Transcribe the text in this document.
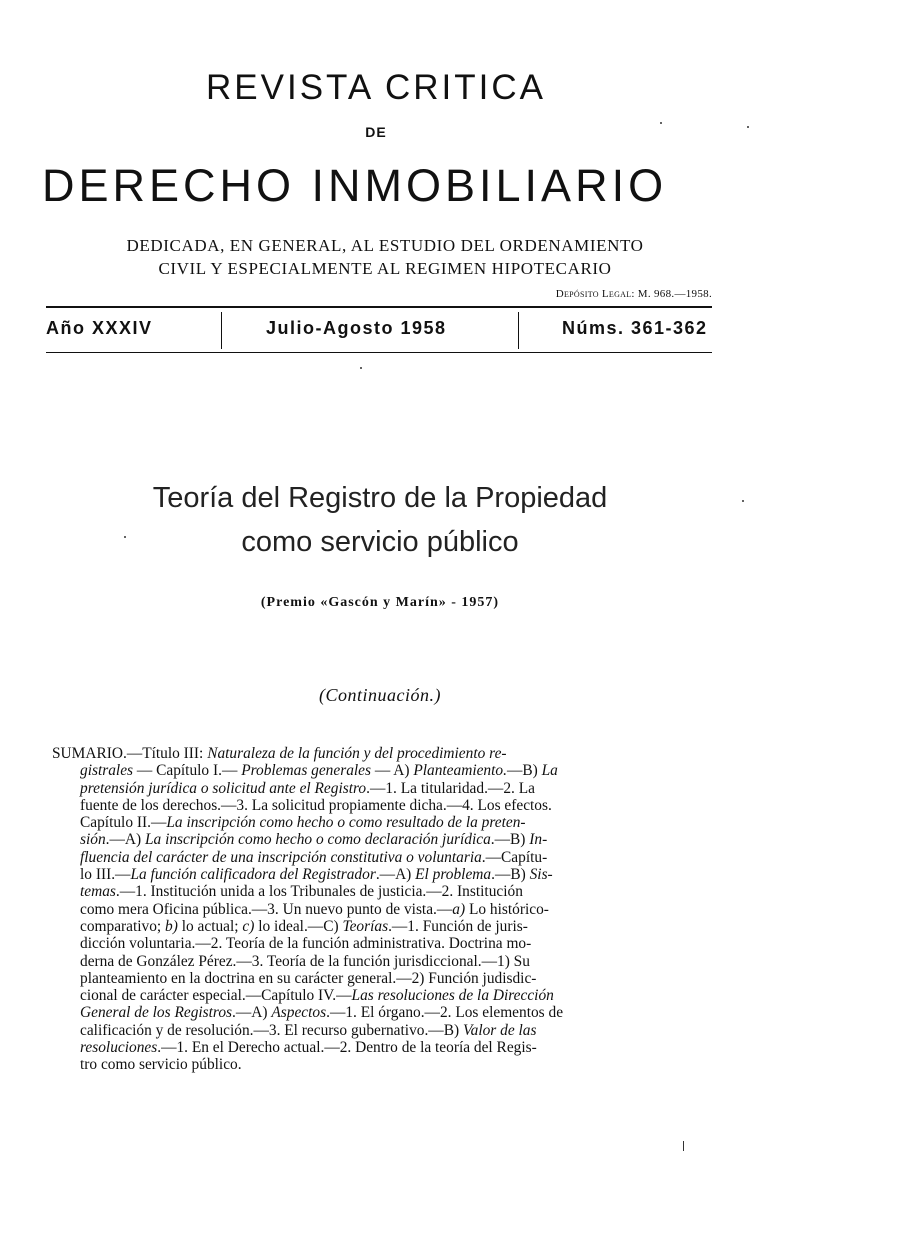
REVISTA CRITICA
DE
DERECHO INMOBILIARIO
DEDICADA, EN GENERAL, AL ESTUDIO DEL ORDENAMIENTO
CIVIL Y ESPECIALMENTE AL REGIMEN HIPOTECARIO
Depósito Legal: M. 968.—1958.
Año XXXIV	Julio-Agosto 1958	Núms. 361-362
Teoría del Registro de la Propiedad
como servicio público
(Premio «Gascón y Marín» - 1957)
(Continuación.)
SUMARIO.—Título III: Naturaleza de la función y del procedimiento re-
gistrales — Capítulo I.— Problemas generales — A) Planteamiento.—B) La
pretensión jurídica o solicitud ante el Registro.—1. La titularidad.—2. La
fuente de los derechos.—3. La solicitud propiamente dicha.—4. Los efectos.
Capítulo II.—La inscripción como hecho o como resultado de la preten-
sión.—A) La inscripción como hecho o como declaración jurídica.—B) In-
fluencia del carácter de una inscripción constitutiva o voluntaria.—Capítu-
lo III.—La función calificadora del Registrador.—A) El problema.—B) Sis-
temas.—1. Institución unida a los Tribunales de justicia.—2. Institución
como mera Oficina pública.—3. Un nuevo punto de vista.—a) Lo histórico-
comparativo; b) lo actual; c) lo ideal.—C) Teorías.—1. Función de juris-
dicción voluntaria.—2. Teoría de la función administrativa. Doctrina mo-
derna de González Pérez.—3. Teoría de la función jurisdiccional.—1) Su
planteamiento en la doctrina en su carácter general.—2) Función judisdic-
cional de carácter especial.—Capítulo IV.—Las resoluciones de la Dirección
General de los Registros.—A) Aspectos.—1. El órgano.—2. Los elementos de
calificación y de resolución.—3. El recurso gubernativo.—B) Valor de las
resoluciones.—1. En el Derecho actual.—2. Dentro de la teoría del Regis-
tro como servicio público.
